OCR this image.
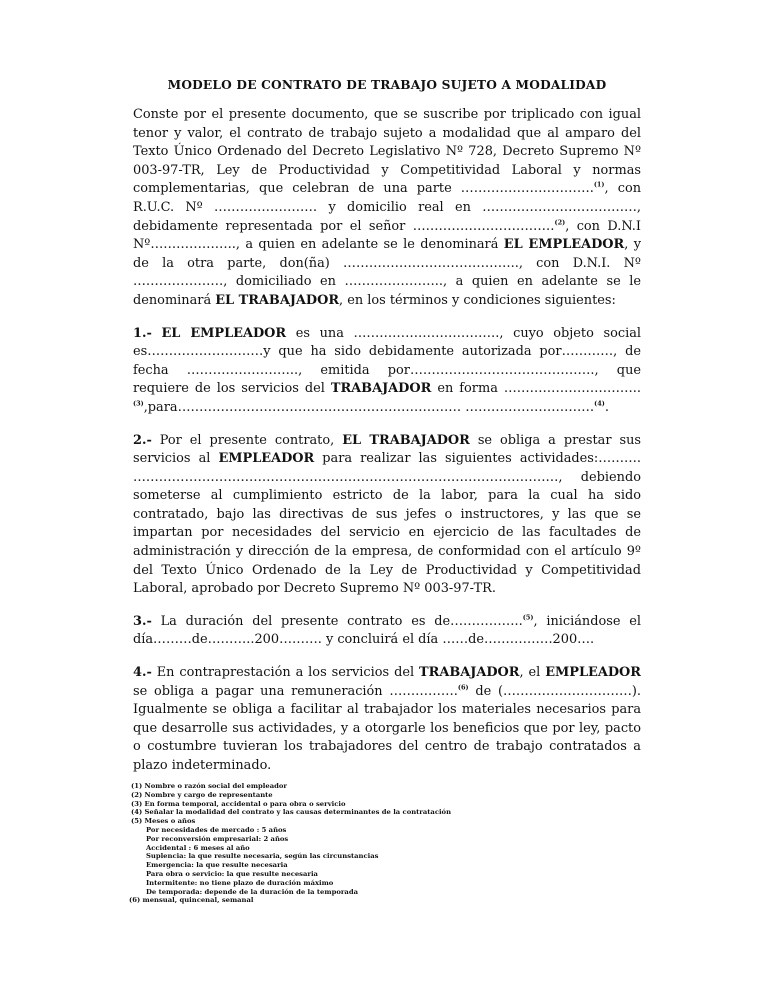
MODELO DE CONTRATO DE TRABAJO SUJETO A MODALIDAD

Conste por el presente documento, que se suscribe por triplicado con igual tenor y valor, el contrato de trabajo sujeto a modalidad que al amparo del Texto Único Ordenado del Decreto Legislativo Nº 728, Decreto Supremo Nº 003-97-TR, Ley de Productividad y Competitividad Laboral y normas complementarias, que celebran de una parte ………………………….$^{(1)}$, con R.U.C. Nº …………………… y domicilio real en ………………………………, debidamente representada por el señor ……………………………$^{(2)}$, con D.N.I Nº……………….., a quien en adelante se le denominará EL EMPLEADOR, y de la otra parte, don(ña) ………………………………….., con D.N.I. Nº …………………, domiciliado en ………………….., a quien en adelante se le denominará EL TRABAJADOR, en los términos y condiciones siguientes:

1.- EL EMPLEADOR es una ……………………………., cuyo objeto social es………………………y que ha sido debidamente autorizada por…………, de fecha …………………….., emitida por……………………………………., que requiere de los servicios del TRABAJADOR en forma …………………………..$^{(3)}$,para………………………………………………………… …………………………$^{(4)}$.

2.- Por el presente contrato, EL TRABAJADOR se obliga a prestar sus servicios al EMPLEADOR para realizar las siguientes actividades:………. ………………………………………………………………………………………, debiendo someterse al cumplimiento estricto de la labor, para la cual ha sido contratado, bajo las directivas de sus jefes o instructores, y las que se impartan por necesidades del servicio en ejercicio de las facultades de administración y dirección de la empresa, de conformidad con el artículo 9º del Texto Único Ordenado de la Ley de Productividad y Competitividad Laboral, aprobado por Decreto Supremo Nº 003-97-TR.

3.- La duración del presente contrato es de……………..$^{(5)}$, iniciándose el día………de………..200………. y concluirá el día ……de…………….200….

4.- En contraprestación a los servicios del TRABAJADOR, el EMPLEADOR se obliga a pagar una remuneración …………….$^{(6)}$ de (…………………………). Igualmente se obliga a facilitar al trabajador los materiales necesarios para que desarrolle sus actividades, y a otorgarle los beneficios que por ley, pacto o costumbre tuvieran los trabajadores del centro de trabajo contratados a plazo indeterminado.

(1) Nombre o razón social del empleador
(2) Nombre y cargo de representante
(3) En forma temporal, accidental o para obra o servicio
(4) Señalar la modalidad del contrato y las causas determinantes de la contratación
(5) Meses o años
Por necesidades de mercado : 5 años
Por reconversión empresarial: 2 años
Accidental : 6 meses al año
Suplencia: la que resulte necesaria, según las circunstancias
Emergencia: la que resulte necesaria
Para obra o servicio: la que resulte necesaria
Intermitente: no tiene plazo de duración máximo
De temporada: depende de la duración de la temporada
(6) mensual, quincenal, semanal
